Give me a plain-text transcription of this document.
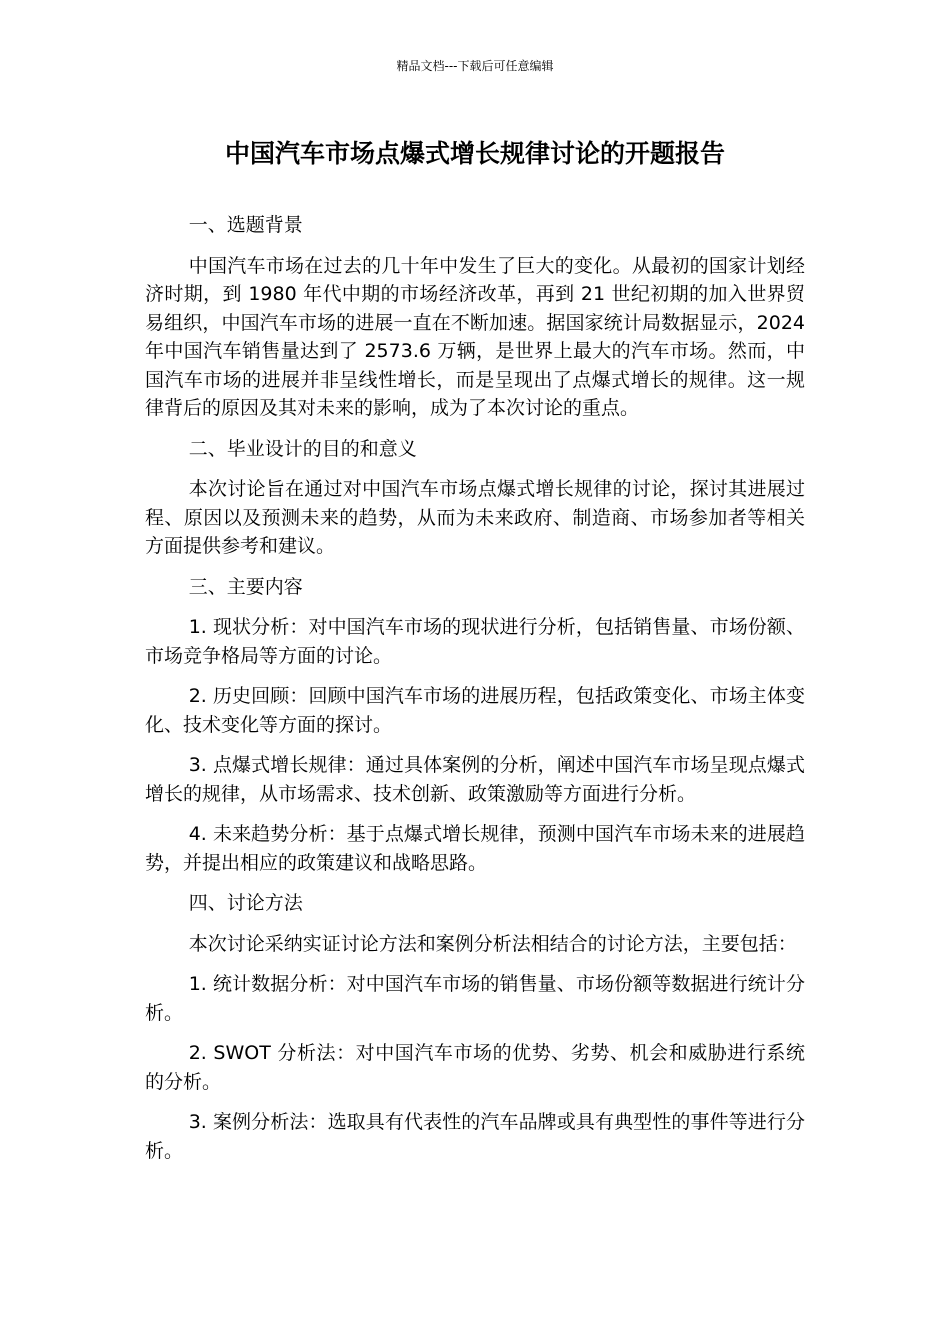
精品文档---下载后可任意编辑
中国汽车市场点爆式增长规律讨论的开题报告

一、选题背景

中国汽车市场在过去的几十年中发生了巨大的变化。从最初的国家计划经济时期，到 1980 年代中期的市场经济改革，再到 21 世纪初期的加入世界贸易组织，中国汽车市场的进展一直在不断加速。据国家统计局数据显示，2024 年中国汽车销售量达到了 2573.6 万辆，是世界上最大的汽车市场。然而，中国汽车市场的进展并非呈线性增长，而是呈现出了点爆式增长的规律。这一规律背后的原因及其对未来的影响，成为了本次讨论的重点。

二、毕业设计的目的和意义

本次讨论旨在通过对中国汽车市场点爆式增长规律的讨论，探讨其进展过程、原因以及预测未来的趋势，从而为未来政府、制造商、市场参加者等相关方面提供参考和建议。

三、主要内容

1. 现状分析：对中国汽车市场的现状进行分析，包括销售量、市场份额、市场竞争格局等方面的讨论。

2. 历史回顾：回顾中国汽车市场的进展历程，包括政策变化、市场主体变化、技术变化等方面的探讨。

3. 点爆式增长规律：通过具体案例的分析，阐述中国汽车市场呈现点爆式增长的规律，从市场需求、技术创新、政策激励等方面进行分析。

4. 未来趋势分析：基于点爆式增长规律，预测中国汽车市场未来的进展趋势，并提出相应的政策建议和战略思路。

四、讨论方法

本次讨论采纳实证讨论方法和案例分析法相结合的讨论方法，主要包括：

1. 统计数据分析：对中国汽车市场的销售量、市场份额等数据进行统计分析。

2. SWOT 分析法：对中国汽车市场的优势、劣势、机会和威胁进行系统的分析。

3. 案例分析法：选取具有代表性的汽车品牌或具有典型性的事件等进行分析。
